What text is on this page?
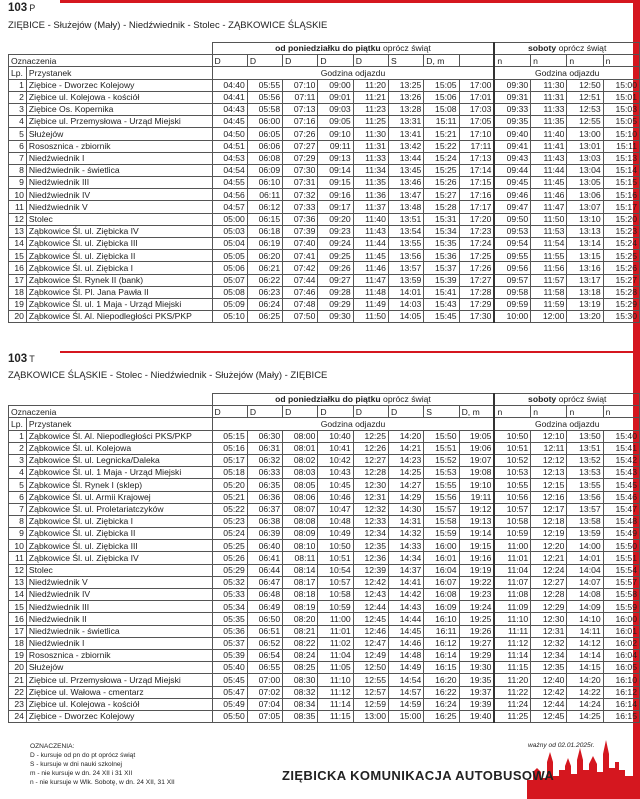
103 P
ZIĘBICE - Służejów (Mały) - Niedźwiednik - Stolec - ZĄBKOWICE ŚLĄSKIE
		od poniedziałku do piątku oprócz świąt								soboty oprócz świąt			
Oznaczenia		D	D	D	D	D	S	D, m		n	n	n	n
Lp.	Przystanek	Godzina odjazdu								Godzina odjazdu			
1	Ziębice - Dworzec Kolejowy	04:40	05:55	07:10	09:00	11:20	13:25	15:05	17:00	09:30	11:30	12:50	15:00
2	Ziębice ul. Kolejowa - kościół	04:41	05:56	07:11	09:01	11:21	13:26	15:06	17:01	09:31	11:31	12:51	15:01
3	Ziębice Os. Kopernika	04:43	05:58	07:13	09:03	11:23	13:28	15:08	17:03	09:33	11:33	12:53	15:03
4	Ziębice ul. Przemysłowa - Urząd Miejski	04:45	06:00	07:16	09:05	11:25	13:31	15:11	17:05	09:35	11:35	12:55	15:05
5	Służejów	04:50	06:05	07:26	09:10	11:30	13:41	15:21	17:10	09:40	11:40	13:00	15:10
6	Rososznica - zbiornik	04:51	06:06	07:27	09:11	11:31	13:42	15:22	17:11	09:41	11:41	13:01	15:11
7	Niedźwiednik I	04:53	06:08	07:29	09:13	11:33	13:44	15:24	17:13	09:43	11:43	13:03	15:13
8	Niedźwiednik - świetlica	04:54	06:09	07:30	09:14	11:34	13:45	15:25	17:14	09:44	11:44	13:04	15:14
9	Niedźwiednik III	04:55	06:10	07:31	09:15	11:35	13:46	15:26	17:15	09:45	11:45	13:05	15:15
10	Niedźwiednik IV	04:56	06:11	07:32	09:16	11:36	13:47	15:27	17:16	09:46	11:46	13:06	15:16
11	Niedźwiednik V	04:57	06:12	07:33	09:17	11:37	13:48	15:28	17:17	09:47	11:47	13:07	15:17
12	Stolec	05:00	06:15	07:36	09:20	11:40	13:51	15:31	17:20	09:50	11:50	13:10	15:20
13	Ząbkowice Śl. ul. Ziębicka IV	05:03	06:18	07:39	09:23	11:43	13:54	15:34	17:23	09:53	11:53	13:13	15:23
14	Ząbkowice Śl. ul. Ziębicka III	05:04	06:19	07:40	09:24	11:44	13:55	15:35	17:24	09:54	11:54	13:14	15:24
15	Ząbkowice Śl. ul. Ziębicka II	05:05	06:20	07:41	09:25	11:45	13:56	15:36	17:25	09:55	11:55	13:15	15:25
16	Ząbkowice Śl. ul. Ziębicka I	05:06	06:21	07:42	09:26	11:46	13:57	15:37	17:26	09:56	11:56	13:16	15:26
17	Ząbkowice Śl. Rynek II (bank)	05:07	06:22	07:44	09:27	11:47	13:59	15:39	17:27	09:57	11:57	13:17	15:27
18	Ząbkowice Śl. Pl. Jana Pawła II	05:08	06:23	07:46	09:28	11:48	14:01	15:41	17:28	09:58	11:58	13:18	15:28
19	Ząbkowice Śl. ul. 1 Maja - Urząd Miejski	05:09	06:24	07:48	09:29	11:49	14:03	15:43	17:29	09:59	11:59	13:19	15:29
20	Ząbkowice Śl. Al. Niepodległości PKS/PKP	05:10	06:25	07:50	09:30	11:50	14:05	15:45	17:30	10:00	12:00	13:20	15:30
103 T
ZĄBKOWICE ŚLĄSKIE - Stolec - Niedźwiednik - Służejów (Mały) - ZIĘBICE
		od poniedziałku do piątku oprócz świąt								soboty oprócz świąt			
Oznaczenia		D	D	D	D	D	D	S	D, m	n	n	n	n
Lp.	Przystanek	Godzina odjazdu								Godzina odjazdu			
1	Ząbkowice Śl. Al. Niepodległości PKS/PKP	05:15	06:30	08:00	10:40	12:25	14:20	15:50	19:05	10:50	12:10	13:50	15:40
2	Ząbkowice Śl. ul. Kolejowa	05:16	06:31	08:01	10:41	12:26	14:21	15:51	19:06	10:51	12:11	13:51	15:41
3	Ząbkowice Śl. ul. Legnicka/Daleka	05:17	06:32	08:02	10:42	12:27	14:23	15:52	19:07	10:52	12:12	13:52	15:42
4	Ząbkowice Śl. ul. 1 Maja - Urząd Miejski	05:18	06:33	08:03	10:43	12:28	14:25	15:53	19:08	10:53	12:13	13:53	15:43
5	Ząbkowice Śl. Rynek I (sklep)	05:20	06:35	08:05	10:45	12:30	14:27	15:55	19:10	10:55	12:15	13:55	15:45
6	Ząbkowice Śl. ul. Armii Krajowej	05:21	06:36	08:06	10:46	12:31	14:29	15:56	19:11	10:56	12:16	13:56	15:46
7	Ząbkowice Śl. ul. Proletariatczyków	05:22	06:37	08:07	10:47	12:32	14:30	15:57	19:12	10:57	12:17	13:57	15:47
8	Ząbkowice Śl. ul. Ziębicka I	05:23	06:38	08:08	10:48	12:33	14:31	15:58	19:13	10:58	12:18	13:58	15:48
9	Ząbkowice Śl. ul. Ziębicka II	05:24	06:39	08:09	10:49	12:34	14:32	15:59	19:14	10:59	12:19	13:59	15:49
10	Ząbkowice Śl. ul. Ziębicka III	05:25	06:40	08:10	10:50	12:35	14:33	16:00	19:15	11:00	12:20	14:00	15:50
11	Ząbkowice Śl. ul. Ziębicka IV	05:26	06:41	08:11	10:51	12:36	14:34	16:01	19:16	11:01	12:21	14:01	15:51
12	Stolec	05:29	06:44	08:14	10:54	12:39	14:37	16:04	19:19	11:04	12:24	14:04	15:54
13	Niedźwiednik V	05:32	06:47	08:17	10:57	12:42	14:41	16:07	19:22	11:07	12:27	14:07	15:57
14	Niedźwiednik IV	05:33	06:48	08:18	10:58	12:43	14:42	16:08	19:23	11:08	12:28	14:08	15:58
15	Niedźwiednik III	05:34	06:49	08:19	10:59	12:44	14:43	16:09	19:24	11:09	12:29	14:09	15:59
16	Niedźwiednik II	05:35	06:50	08:20	11:00	12:45	14:44	16:10	19:25	11:10	12:30	14:10	16:00
17	Niedźwiednik - świetlica	05:36	06:51	08:21	11:01	12:46	14:45	16:11	19:26	11:11	12:31	14:11	16:01
18	Niedźwiednik I	05:37	06:52	08:22	11:02	12:47	14:46	16:12	19:27	11:12	12:32	14:12	16:02
19	Rososznica - zbiornik	05:39	06:54	08:24	11:04	12:49	14:48	16:14	19:29	11:14	12:34	14:14	16:04
20	Służejów	05:40	06:55	08:25	11:05	12:50	14:49	16:15	19:30	11:15	12:35	14:15	16:05
21	Ziębice ul. Przemysłowa - Urząd Miejski	05:45	07:00	08:30	11:10	12:55	14:54	16:20	19:35	11:20	12:40	14:20	16:10
22	Ziębice ul. Wałowa - cmentarz	05:47	07:02	08:32	11:12	12:57	14:57	16:22	19:37	11:22	12:42	14:22	16:12
23	Ziębice ul. Kolejowa - kościół	05:49	07:04	08:34	11:14	12:59	14:59	16:24	19:39	11:24	12:44	14:24	16:14
24	Ziębice - Dworzec Kolejowy	05:50	07:05	08:35	11:15	13:00	15:00	16:25	19:40	11:25	12:45	14:25	16:15
OZNACZENIA:
D - kursuje od pn do pt oprócz świąt
S - kursuje w dni nauki szkolnej
m - nie kursuje w dn. 24 XII i 31 XII
n - nie kursuje w Wlk. Sobotę, w dn. 24 XII, 31 XII
ważny od 02.01.2025r.
ZIĘBICKA KOMUNIKACJA AUTOBUSOWA
